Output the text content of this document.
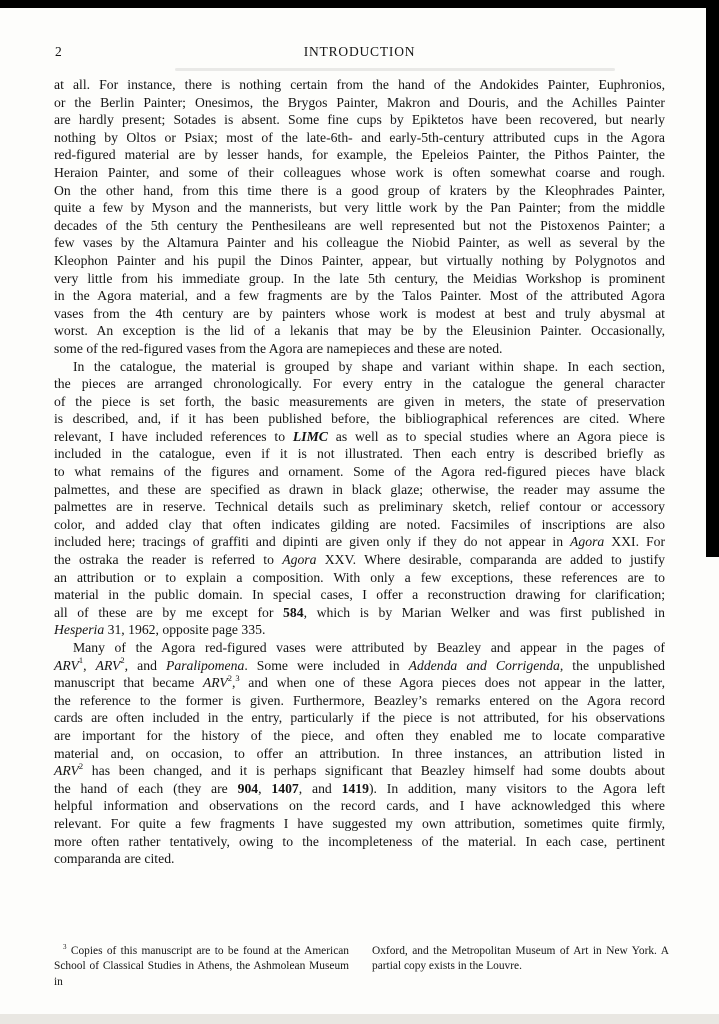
2	INTRODUCTION
at all. For instance, there is nothing certain from the hand of the Andokides Painter, Euphronios,
or the Berlin Painter; Onesimos, the Brygos Painter, Makron and Douris, and the Achilles Painter
are hardly present; Sotades is absent. Some fine cups by Epiktetos have been recovered, but nearly
nothing by Oltos or Psiax; most of the late-6th- and early-5th-century attributed cups in the Agora
red-figured material are by lesser hands, for example, the Epeleios Painter, the Pithos Painter, the
Heraion Painter, and some of their colleagues whose work is often somewhat coarse and rough.
On the other hand, from this time there is a good group of kraters by the Kleophrades Painter,
quite a few by Myson and the mannerists, but very little work by the Pan Painter; from the middle
decades of the 5th century the Penthesileans are well represented but not the Pistoxenos Painter; a
few vases by the Altamura Painter and his colleague the Niobid Painter, as well as several by the
Kleophon Painter and his pupil the Dinos Painter, appear, but virtually nothing by Polygnotos and
very little from his immediate group. In the late 5th century, the Meidias Workshop is prominent
in the Agora material, and a few fragments are by the Talos Painter. Most of the attributed Agora
vases from the 4th century are by painters whose work is modest at best and truly abysmal at
worst. An exception is the lid of a lekanis that may be by the Eleusinion Painter. Occasionally,
some of the red-figured vases from the Agora are namepieces and these are noted.
In the catalogue, the material is grouped by shape and variant within shape. In each section,
the pieces are arranged chronologically. For every entry in the catalogue the general character
of the piece is set forth, the basic measurements are given in meters, the state of preservation
is described, and, if it has been published before, the bibliographical references are cited. Where
relevant, I have included references to LIMC as well as to special studies where an Agora piece is
included in the catalogue, even if it is not illustrated. Then each entry is described briefly as
to what remains of the figures and ornament. Some of the Agora red-figured pieces have black
palmettes, and these are specified as drawn in black glaze; otherwise, the reader may assume the
palmettes are in reserve. Technical details such as preliminary sketch, relief contour or accessory
color, and added clay that often indicates gilding are noted. Facsimiles of inscriptions are also
included here; tracings of graffiti and dipinti are given only if they do not appear in Agora XXI. For
the ostraka the reader is referred to Agora XXV. Where desirable, comparanda are added to justify
an attribution or to explain a composition. With only a few exceptions, these references are to
material in the public domain. In special cases, I offer a reconstruction drawing for clarification;
all of these are by me except for 584, which is by Marian Welker and was first published in
Hesperia 31, 1962, opposite page 335.
Many of the Agora red-figured vases were attributed by Beazley and appear in the pages of
ARV$^1$, ARV$^2$, and Paralipomena. Some were included in Addenda and Corrigenda, the unpublished
manuscript that became ARV$^2$,$^3$ and when one of these Agora pieces does not appear in the latter,
the reference to the former is given. Furthermore, Beazley’s remarks entered on the Agora record
cards are often included in the entry, particularly if the piece is not attributed, for his observations
are important for the history of the piece, and often they enabled me to locate comparative
material and, on occasion, to offer an attribution. In three instances, an attribution listed in
ARV$^2$ has been changed, and it is perhaps significant that Beazley himself had some doubts about
the hand of each (they are 904, 1407, and 1419). In addition, many visitors to the Agora left
helpful information and observations on the record cards, and I have acknowledged this where
relevant. For quite a few fragments I have suggested my own attribution, sometimes quite firmly,
more often rather tentatively, owing to the incompleteness of the material. In each case, pertinent
comparanda are cited.
$^3$ Copies of this manuscript are to be found at the American
School of Classical Studies in Athens, the Ashmolean Museum in
Oxford, and the Metropolitan Museum of Art in New York. A
partial copy exists in the Louvre.
